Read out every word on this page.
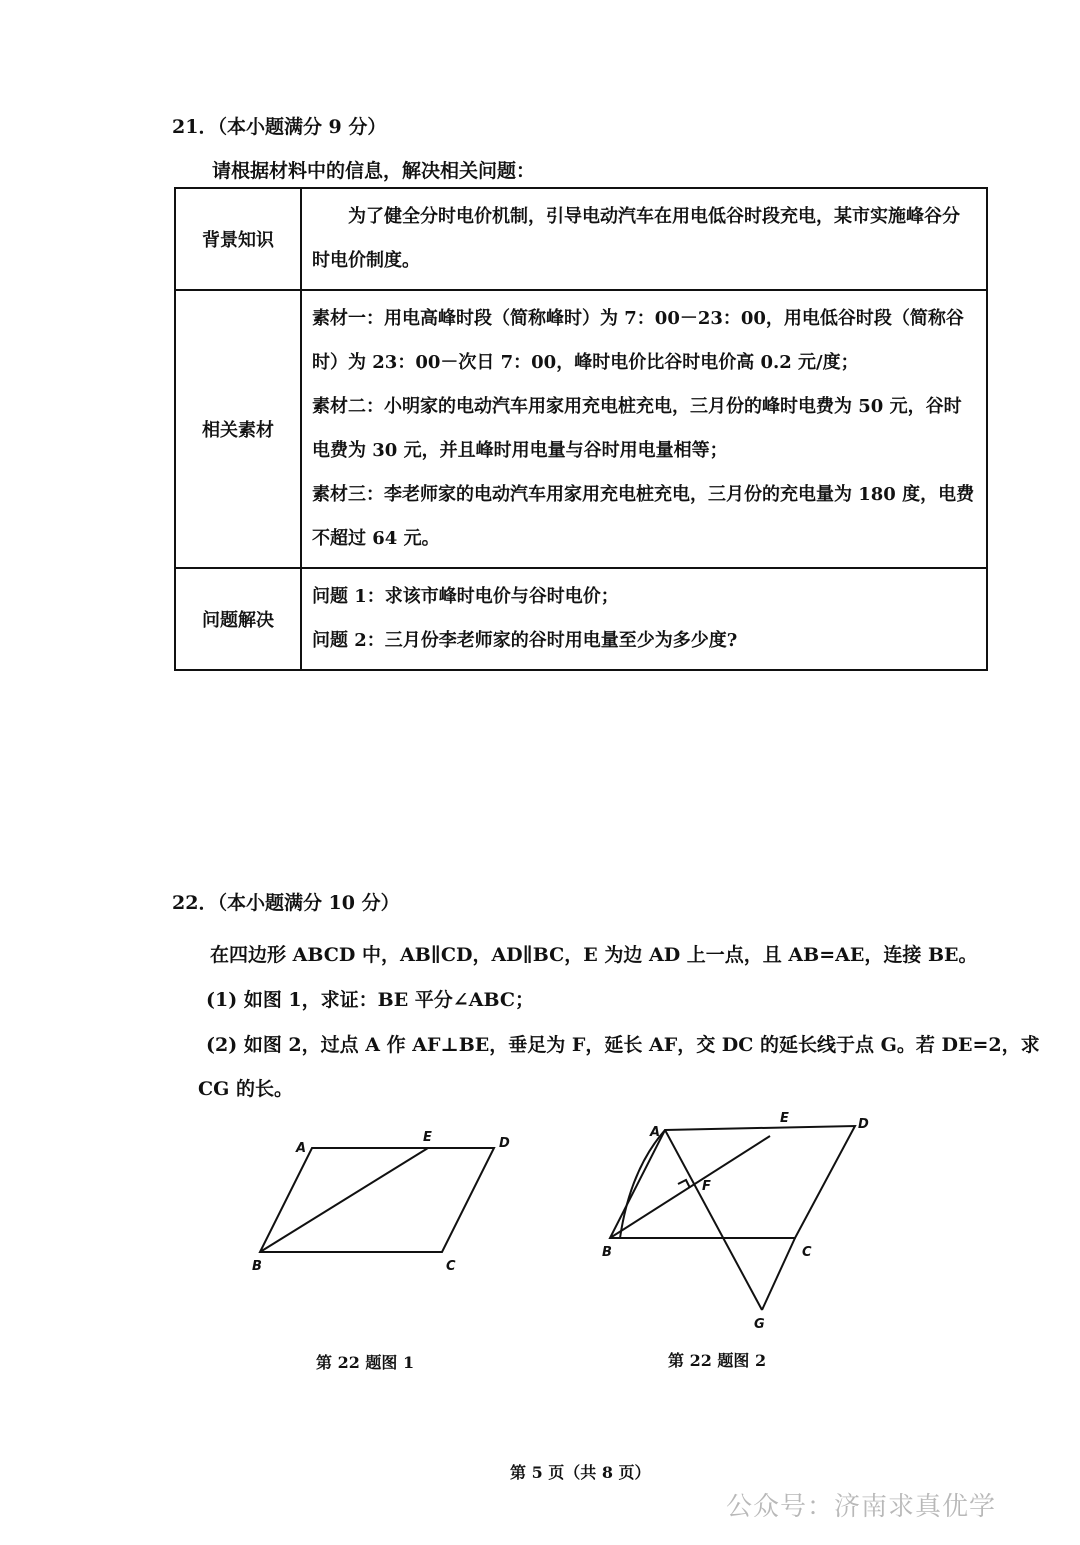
21．（本小题满分 9 分）
请根据材料中的信息，解决相关问题：
背景知识	为了健全分时电价机制，引导电动汽车在用电低谷时段充电，某市实施峰谷分时电价制度。
相关素材	素材一：用电高峰时段（简称峰时）为 7：00－23：00，用电低谷时段（简称谷时）为 23：00－次日 7：00，峰时电价比谷时电价高 0.2 元/度；
素材二：小明家的电动汽车用家用充电桩充电，三月份的峰时电费为 50 元，谷时电费为 30 元，并且峰时用电量与谷时用电量相等；
素材三：李老师家的电动汽车用家用充电桩充电，三月份的充电量为 180 度，电费不超过 64 元。

问题解决	问题 1：求该市峰时电价与谷时电价；
问题 2：三月份李老师家的谷时用电量至少为多少度?
22．（本小题满分 10 分）
在四边形 ABCD 中，AB∥CD，AD∥BC，E 为边 AD 上一点，且 AB=AE，连接 BE。
(1) 如图 1，求证：BE 平分∠ABC；
(2) 如图 2，过点 A 作 AF⊥BE，垂足为 F，延长 AF，交 DC 的延长线于点 G。若 DE=2，求
CG 的长。
A
E	D
B	C
第 22 题图 1
A
E	D
F
B	C
G
第 22 题图 2
第 5 页（共 8 页）
公众号：济南求真优学
